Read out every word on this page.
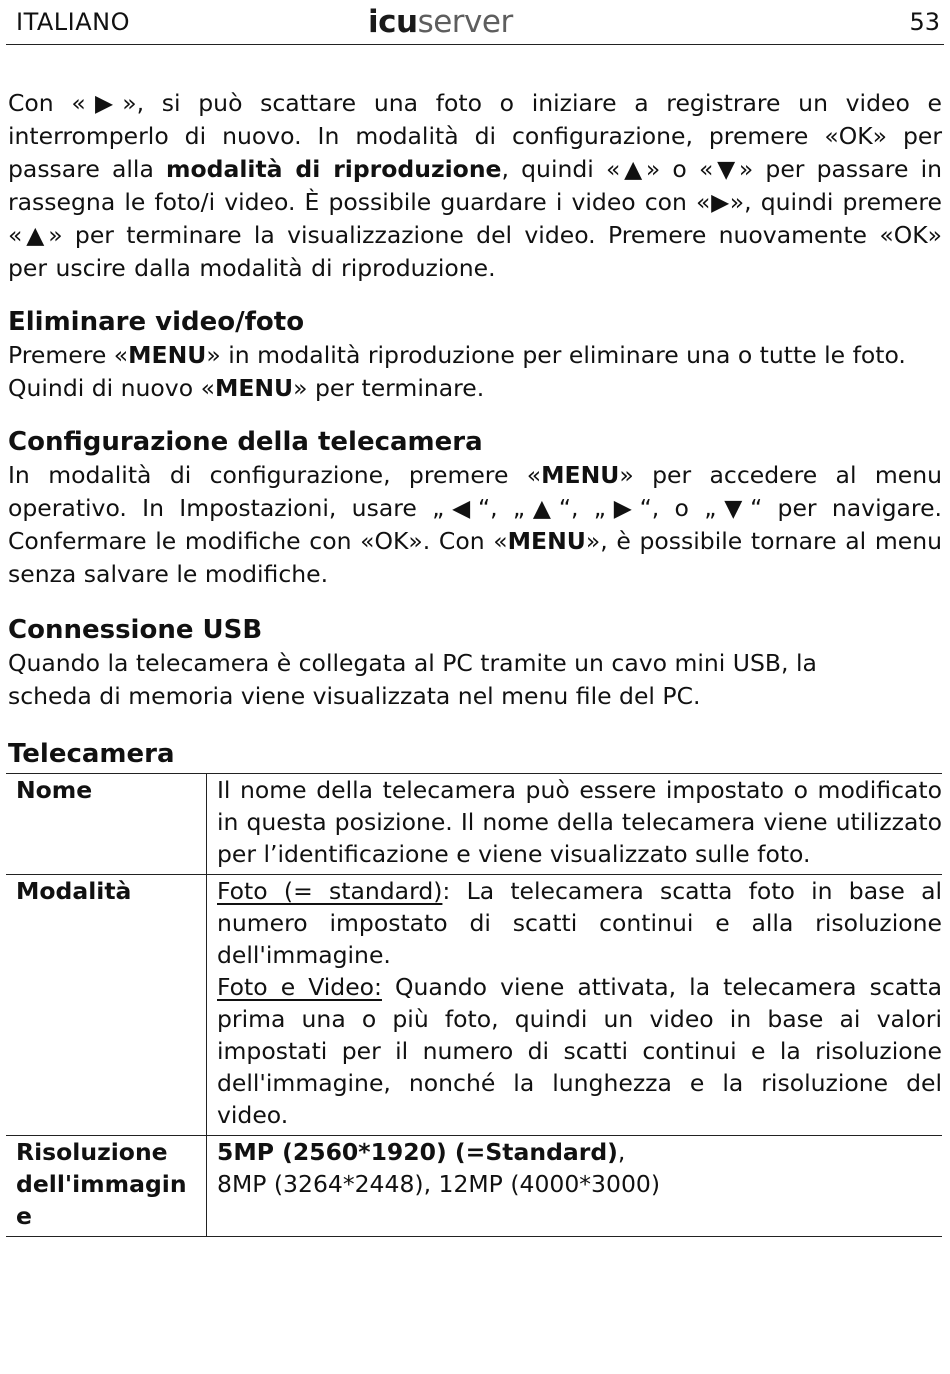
ITALIANO	icuserver	53

Con «▶», si può scattare una foto o iniziare a registrare un video e interromperlo di nuovo. In modalità di configurazione, premere «OK» per passare alla modalità di riproduzione, quindi «▲» o «▼» per passare in rassegna le foto/i video. È possibile guardare i video con «▶», quindi premere «▲» per terminare la visualizzazione del video. Premere nuovamente «OK» per uscire dalla modalità di riproduzione.

Eliminare video/foto

Premere «MENU» in modalità riproduzione per eliminare una o tutte le foto.

Quindi di nuovo «MENU» per terminare.

Configurazione della telecamera

In modalità di configurazione, premere «MENU» per accedere al menu operativo. In Impostazioni, usare „◀“, „▲“, „▶“, o „▼“ per navigare. Confermare le modifiche con «OK». Con «MENU», è possibile tornare al menu senza salvare le modifiche.

Connessione USB

Quando la telecamera è collegata al PC tramite un cavo mini USB, la

scheda di memoria viene visualizzata nel menu file del PC.

Telecamera
Nome	Il nome della telecamera può essere impostato o modificato in questa posizione. Il nome della telecamera viene utilizzato per l’identificazione e viene visualizzato sulle foto.
Modalità	Foto (= standard): La telecamera scatta foto in base al numero impostato di scatti continui e alla risoluzione dell'immagine.
Foto e Video: Quando viene attivata, la telecamera scatta prima una o più foto, quindi un video in base ai valori impostati per il numero di scatti continui e la risoluzione dell'immagine, nonché la lunghezza e la risoluzione del video.

Risoluzione dell'immagin e	5MP (2560*1920) (=Standard),
8MP (3264*2448), 12MP (4000*3000)
